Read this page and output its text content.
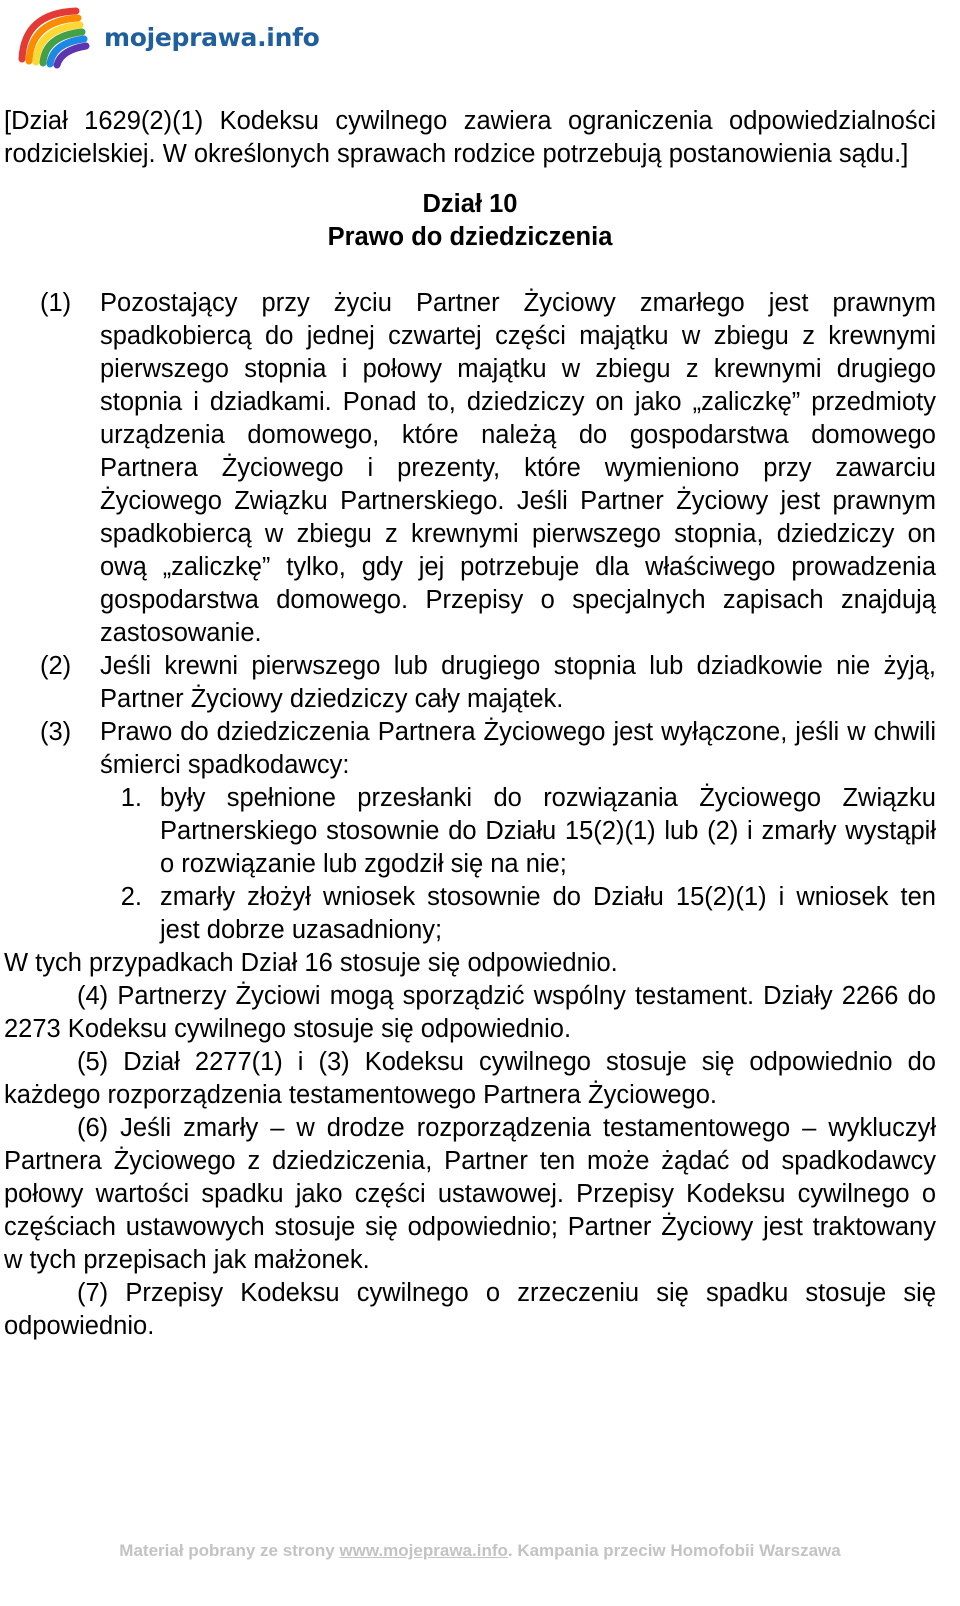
mojeprawa.info

[Dział 1629(2)(1) Kodeksu cywilnego zawiera ograniczenia odpowiedzialności rodzicielskiej. W określonych sprawach rodzice potrzebują postanowienia sądu.]

Dział 10

Prawo do dziedziczenia

(1)	Pozostający przy życiu Partner Życiowy zmarłego jest prawnym spadkobiercą do jednej czwartej części majątku w zbiegu z krewnymi pierwszego stopnia i połowy majątku w zbiegu z krewnymi drugiego stopnia i dziadkami. Ponad to, dziedziczy on jako „zaliczkę” przedmioty urządzenia domowego, które należą do gospodarstwa domowego Partnera Życiowego i prezenty, które wymieniono przy zawarciu Życiowego Związku Partnerskiego. Jeśli Partner Życiowy jest prawnym spadkobiercą w zbiegu z krewnymi pierwszego stopnia, dziedziczy on ową „zaliczkę” tylko, gdy jej potrzebuje dla właściwego prowadzenia gospodarstwa domowego. Przepisy o specjalnych zapisach znajdują zastosowanie.
(2)	Jeśli krewni pierwszego lub drugiego stopnia lub dziadkowie nie żyją, Partner Życiowy dziedziczy cały majątek.
(3)	Prawo do dziedziczenia Partnera Życiowego jest wyłączone, jeśli w chwili śmierci spadkodawcy:
1. były spełnione przesłanki do rozwiązania Życiowego Związku Partnerskiego stosownie do Działu 15(2)(1) lub (2) i zmarły wystąpił o rozwiązanie lub zgodził się na nie;
2. zmarły złożył wniosek stosownie do Działu 15(2)(1) i wniosek ten jest dobrze uzasadniony;

W tych przypadkach Dział 16 stosuje się odpowiednio.

(4) Partnerzy Życiowi mogą sporządzić wspólny testament. Działy 2266 do 2273 Kodeksu cywilnego stosuje się odpowiednio.

(5) Dział 2277(1) i (3) Kodeksu cywilnego stosuje się odpowiednio do każdego rozporządzenia testamentowego Partnera Życiowego.

(6) Jeśli zmarły – w drodze rozporządzenia testamentowego – wykluczył Partnera Życiowego z dziedziczenia, Partner ten może żądać od spadkodawcy połowy wartości spadku jako części ustawowej. Przepisy Kodeksu cywilnego o częściach ustawowych stosuje się odpowiednio; Partner Życiowy jest traktowany w tych przepisach jak małżonek.

(7) Przepisy Kodeksu cywilnego o zrzeczeniu się spadku stosuje się odpowiednio.

Materiał pobrany ze strony www.mojeprawa.info. Kampania przeciw Homofobii Warszawa
